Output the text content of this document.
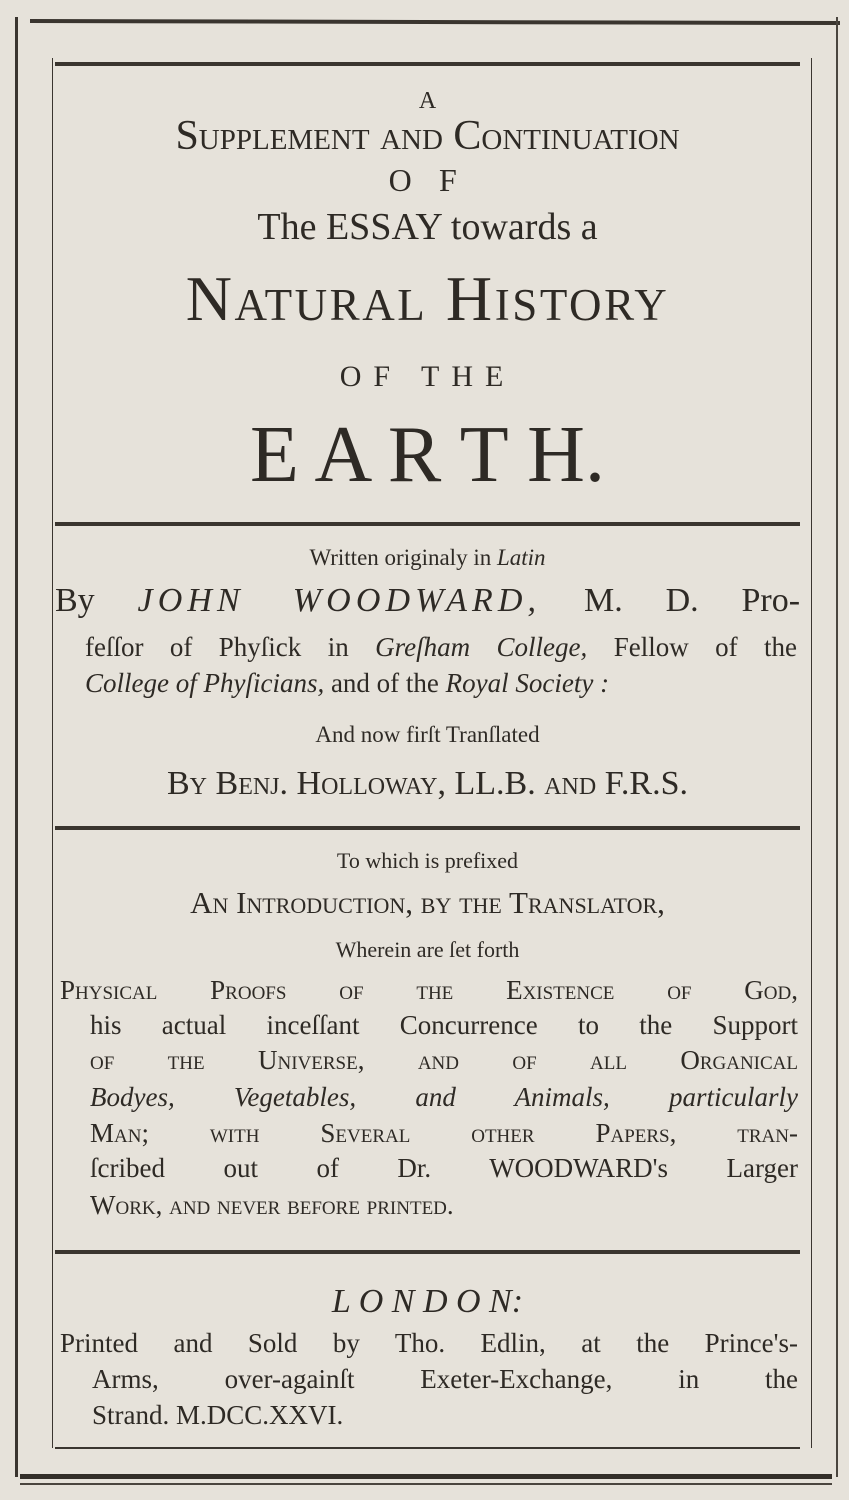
A
Supplement and Continuation
O F
The ESSAY towards a
Natural History
OF THE
E A R T H.
Written originaly in Latin
By JOHN WOODWARD, M. D. Pro-
feſſor of Phyſick in Greſham College, Fellow of the
College of Phyſicians, and of the Royal Society :
And now firſt Tranſlated
By Benj. Holloway, LL.B. and F.R.S.
To which is prefixed
An Introduction, by the Tranſlator,
Wherein are ſet forth
Physical Proofs of the Existence of God,
his actual inceſſant Concurrence to the Support
of the Universe, and of all Organical
Bodyes, Vegetables, and Animals, particularly
Man; with Several other Papers, tran-
ſcribed out of Dr. WOODWARD's Larger
Work, and never before printed.
L O N D O N:
Printed and Sold by Tho. Edlin, at the Prince's-
Arms, over-againſt Exeter-Exchange, in the
Strand. M.DCC.XXVI.
